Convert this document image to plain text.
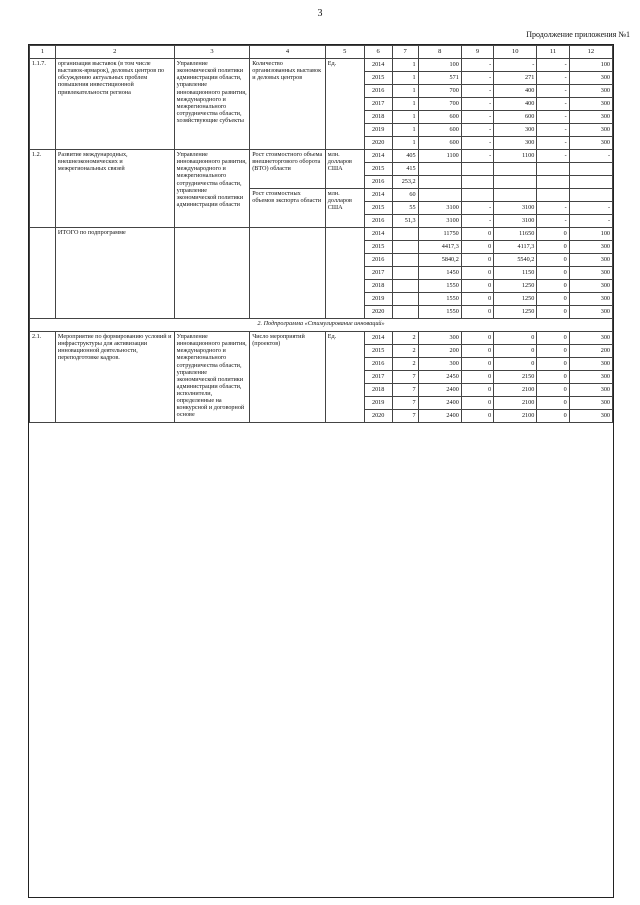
3
Продолжение приложения №1
1	2	3	4	5	6	7	8	9	10	11	12
1.1.7.	организация выставок (в том числе выставок-ярмарок), деловых центров по обсуждению актуальных проблем повышения инвестиционной привлекательности региона	Управление экономической политики администрации области, управление инновационного развития, международного и межрегионального сотрудничества области, хозяйствующие субъекты	Количество организованных выставок и деловых центров	Ед.	2014	1	100	-	-	-	100
					2015	1	571	-	271	-	300
					2016	1	700	-	400	-	300
					2017	1	700	-	400	-	300
					2018	1	600	-	600	-	300
					2019	1	600	-	300	-	300
					2020	1	600	-	300	-	300
1.2.	Развитие международных, внешнеэкономических и межрегиональных связей	Управление инновационного развития, международного и межрегионального сотрудничества области, управление экономической политики администрации области	Рост стоимостного объема внешнеторгового оборота (ВТО) области	млн. долларов США	2014	405	1100	-	1100	-	-
					2015	415					
					2016	253,2					
			Рост стоимостных объемов экспорта области	млн. долларов США	2014	60					
					2015	55	3100	-	3100	-	-
					2016	51,3	3100	-	3100	-	-
	ИТОГО по подпрограмме				2014		11750	0	11650	0	100
					2015		4417,3	0	4117,3	0	300
					2016		5840,2	0	5540,2	0	300
					2017		1450	0	1150	0	300
					2018		1550	0	1250	0	300
					2019		1550	0	1250	0	300
					2020		1550	0	1250	0	300
2. Подпрограмма «Стимулирование инноваций»											
2.1.	Мероприятие по формированию условий и инфраструктуры для активизации инновационной деятельности, переподготовке кадров.	Управление инновационного развития, международного и межрегионального сотрудничества области, управление экономической политики администрации области, исполнители, определенные на конкурсной и договорной основе	Число мероприятий (проектов)	Ед.	2014	2	300	0	0	0	300
					2015	2	200	0	0	0	200
					2016	2	300	0	0	0	300
					2017	7	2450	0	2150	0	300
					2018	7	2400	0	2100	0	300
					2019	7	2400	0	2100	0	300
					2020	7	2400	0	2100	0	300
